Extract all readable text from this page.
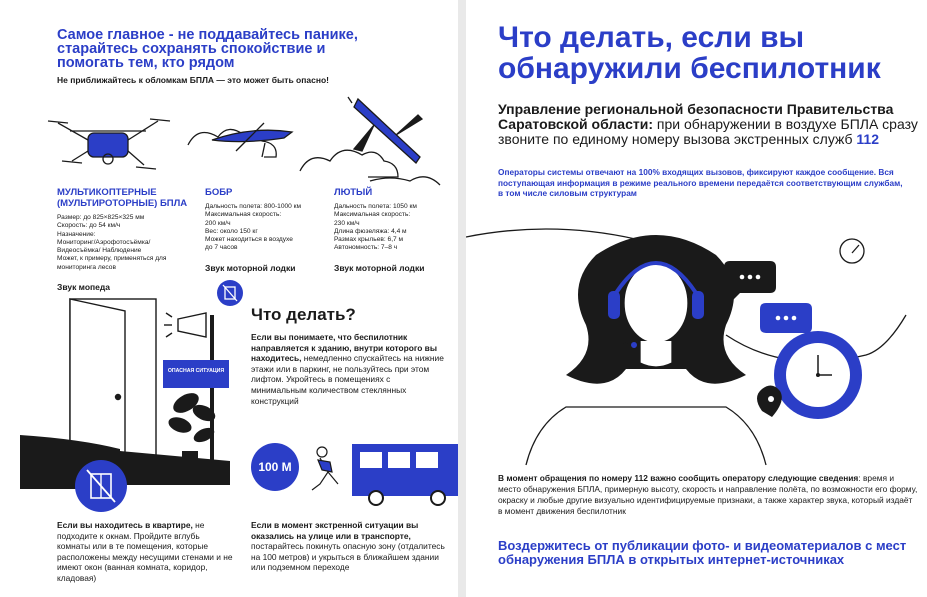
Самое главное - не поддавайтесь панике, старайтесь сохранять спокойствие и помогать тем, кто рядом
Не приближайтесь к обломкам БПЛА — это может быть опасно!
МУЛЬТИКОПТЕРНЫЕ (МУЛЬТИРОТОРНЫЕ) БПЛА
Размер: до 825×825×325 мм
Скорость: до 54 км/ч
Назначение:
Мониторинг/Аэрофотосъёмка/
Видеосъёмка/ Наблюдение
Может, к примеру, применяться для
мониторинга лесов
Звук мопеда
БОБР
Дальность полета: 800-1000 км
Максимальная скорость:
200 км/ч
Вес: около 150 кг
Может находиться в воздухе
до 7 часов
Звук моторной лодки
ЛЮТЫЙ
Дальность полета: 1050 км
Максимальная скорость:
230 км/ч
Длина фюзеляжа: 4,4 м
Размах крыльев: 6,7 м
Автономность: 7–8 ч
Звук моторной лодки
ОПАСНАЯ СИТУАЦИЯ
Что делать?
Если вы понимаете, что беспилотник направляется к зданию, внутри которого вы находитесь, немедленно спускайтесь на нижние этажи или в паркинг, не пользуйтесь при этом лифтом. Укройтесь в помещениях с минимальным количеством стеклянных конструкций
100 М
Если вы находитесь в квартире, не подходите к окнам. Пройдите вглубь комнаты или в те помещения, которые расположены между несущими стенами и не имеют окон (ванная комната, коридор, кладовая)
Если в момент экстренной ситуации вы оказались на улице или в транспорте, постарайтесь покинуть опасную зону (отдалитесь на 100 метров) и укрыться в ближайшем здании или подземном переходе
Что делать, если вы обнаружили беспилотник
Управление региональной безопасности Правительства Саратовской области: при обнаружении в воздухе БПЛА сразу звоните по единому номеру вызова экстренных служб 112
Операторы системы отвечают на 100% входящих вызовов, фиксируют каждое сообщение. Вся поступающая информация в режиме реального времени передаётся соответствующим службам, в том числе силовым структурам
В момент обращения по номеру 112 важно сообщить оператору следующие сведения: время и место обнаружения БПЛА, примерную высоту, скорость и направление полёта, по возможности его форму, окраску и любые другие визуально идентифицируемые признаки, а также характер звука, который издаёт в момент движения беспилотник
Воздержитесь от публикации фото- и видеоматериалов с мест обнаружения БПЛА в открытых интернет-источниках
